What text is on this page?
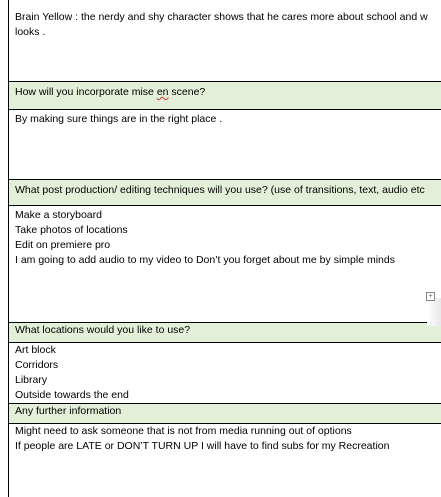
Brain Yellow : the nerdy and shy character shows that he cares more about school and w
looks .
How will you incorporate mise en scene?
By making sure things are in the right place .
What post production/ editing techniques will you use? (use of transitions, text, audio etc
Make a storyboard
Take photos of locations
Edit on premiere pro
I am going to add audio to my video to Don’t you forget about me by simple minds
What locations would you like to use?
Art block
Corridors
Library
Outside towards the end
Any further information
Might need to ask someone that is not from media running out of options
If people are LATE or DON’T TURN UP I will have to find subs for my Recreation
+
